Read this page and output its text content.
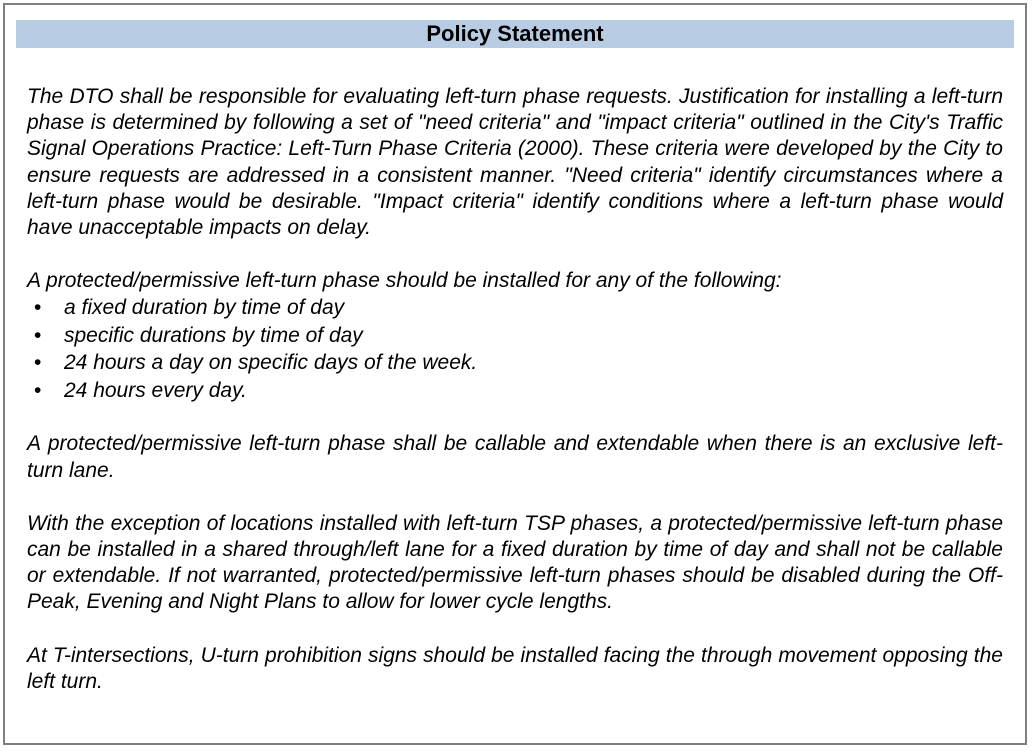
Policy Statement

The DTO shall be responsible for evaluating left-turn phase requests. Justification for installing a left-turn phase is determined by following a set of "need criteria" and "impact criteria" outlined in the City's Traffic Signal Operations Practice: Left-Turn Phase Criteria (2000). These criteria were developed by the City to ensure requests are addressed in a consistent manner. "Need criteria" identify circumstances where a left-turn phase would be desirable. "Impact criteria" identify conditions where a left-turn phase would have unacceptable impacts on delay.

A protected/permissive left-turn phase should be installed for any of the following:

• a fixed duration by time of day
• specific durations by time of day
• 24 hours a day on specific days of the week.
• 24 hours every day.

A protected/permissive left-turn phase shall be callable and extendable when there is an exclusive left-turn lane.

With the exception of locations installed with left-turn TSP phases, a protected/permissive left-turn phase can be installed in a shared through/left lane for a fixed duration by time of day and shall not be callable or extendable. If not warranted, protected/permissive left-turn phases should be disabled during the Off-Peak, Evening and Night Plans to allow for lower cycle lengths.

At T-intersections, U-turn prohibition signs should be installed facing the through movement opposing the left turn.
